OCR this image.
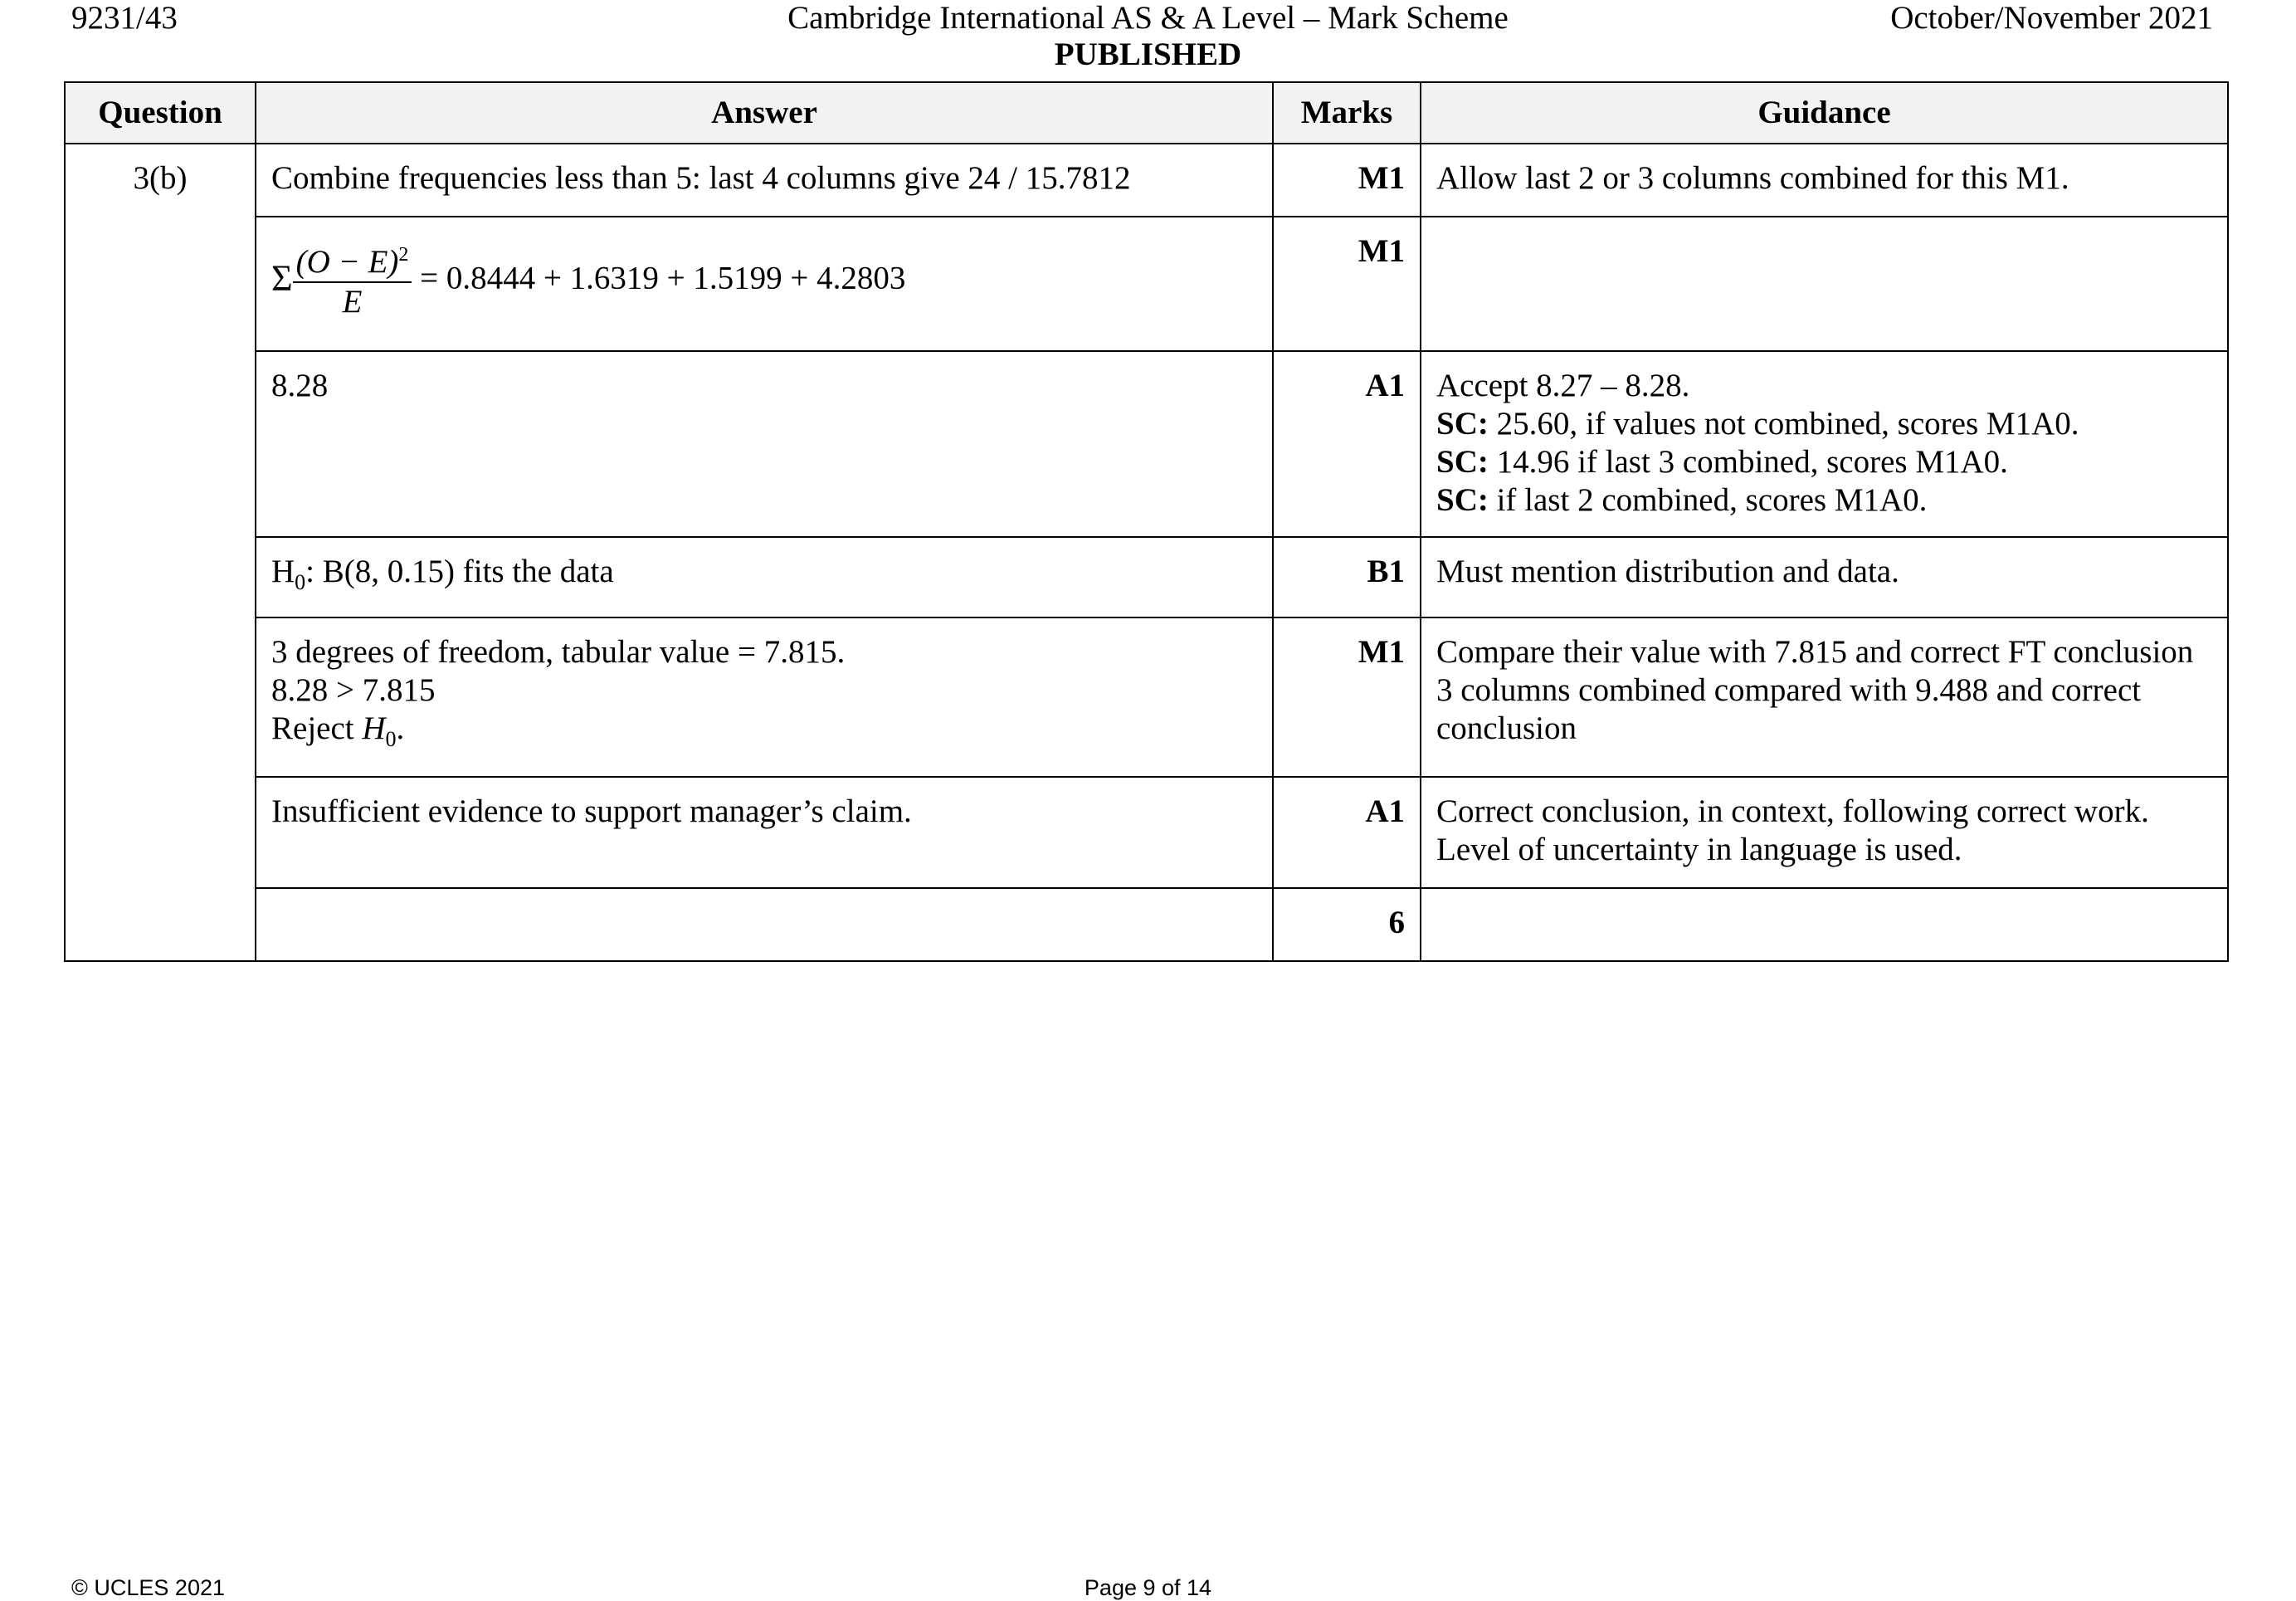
9231/43	Cambridge International AS & A Level – Mark Scheme
PUBLISHED
October/November 2021
Question	Answer	Marks	Guidance
3(b)	Combine frequencies less than 5: last 4 columns give 24 / 15.7812	M1	Allow last 2 or 3 columns combined for this M1.
	Σ $\frac{(O - E)^2}{E} = 0.8444 + 1.6319 + 1.5199 + 4.2803$	M1	
	8.28	A1	Accept 8.27 – 8.28.
SC: 25.60, if values not combined, scores M1A0.
SC: 14.96 if last 3 combined, scores M1A0.
SC: if last 2 combined, scores M1A0.

	$H_0$: B(8, 0.15) fits the data	B1	Must mention distribution and data.

	3 degrees of freedom, tabular value = 7.815.
8.28 > 7.815
Reject $H_0$.	M1	Compare their value with 7.815 and correct FT conclusion
3 columns combined compared with 9.488 and correct
conclusion

	Insufficient evidence to support manager’s claim.	A1	Correct conclusion, in context, following correct work.
Level of uncertainty in language is used.

		6	
© UCLES 2021	Page 9 of 14
